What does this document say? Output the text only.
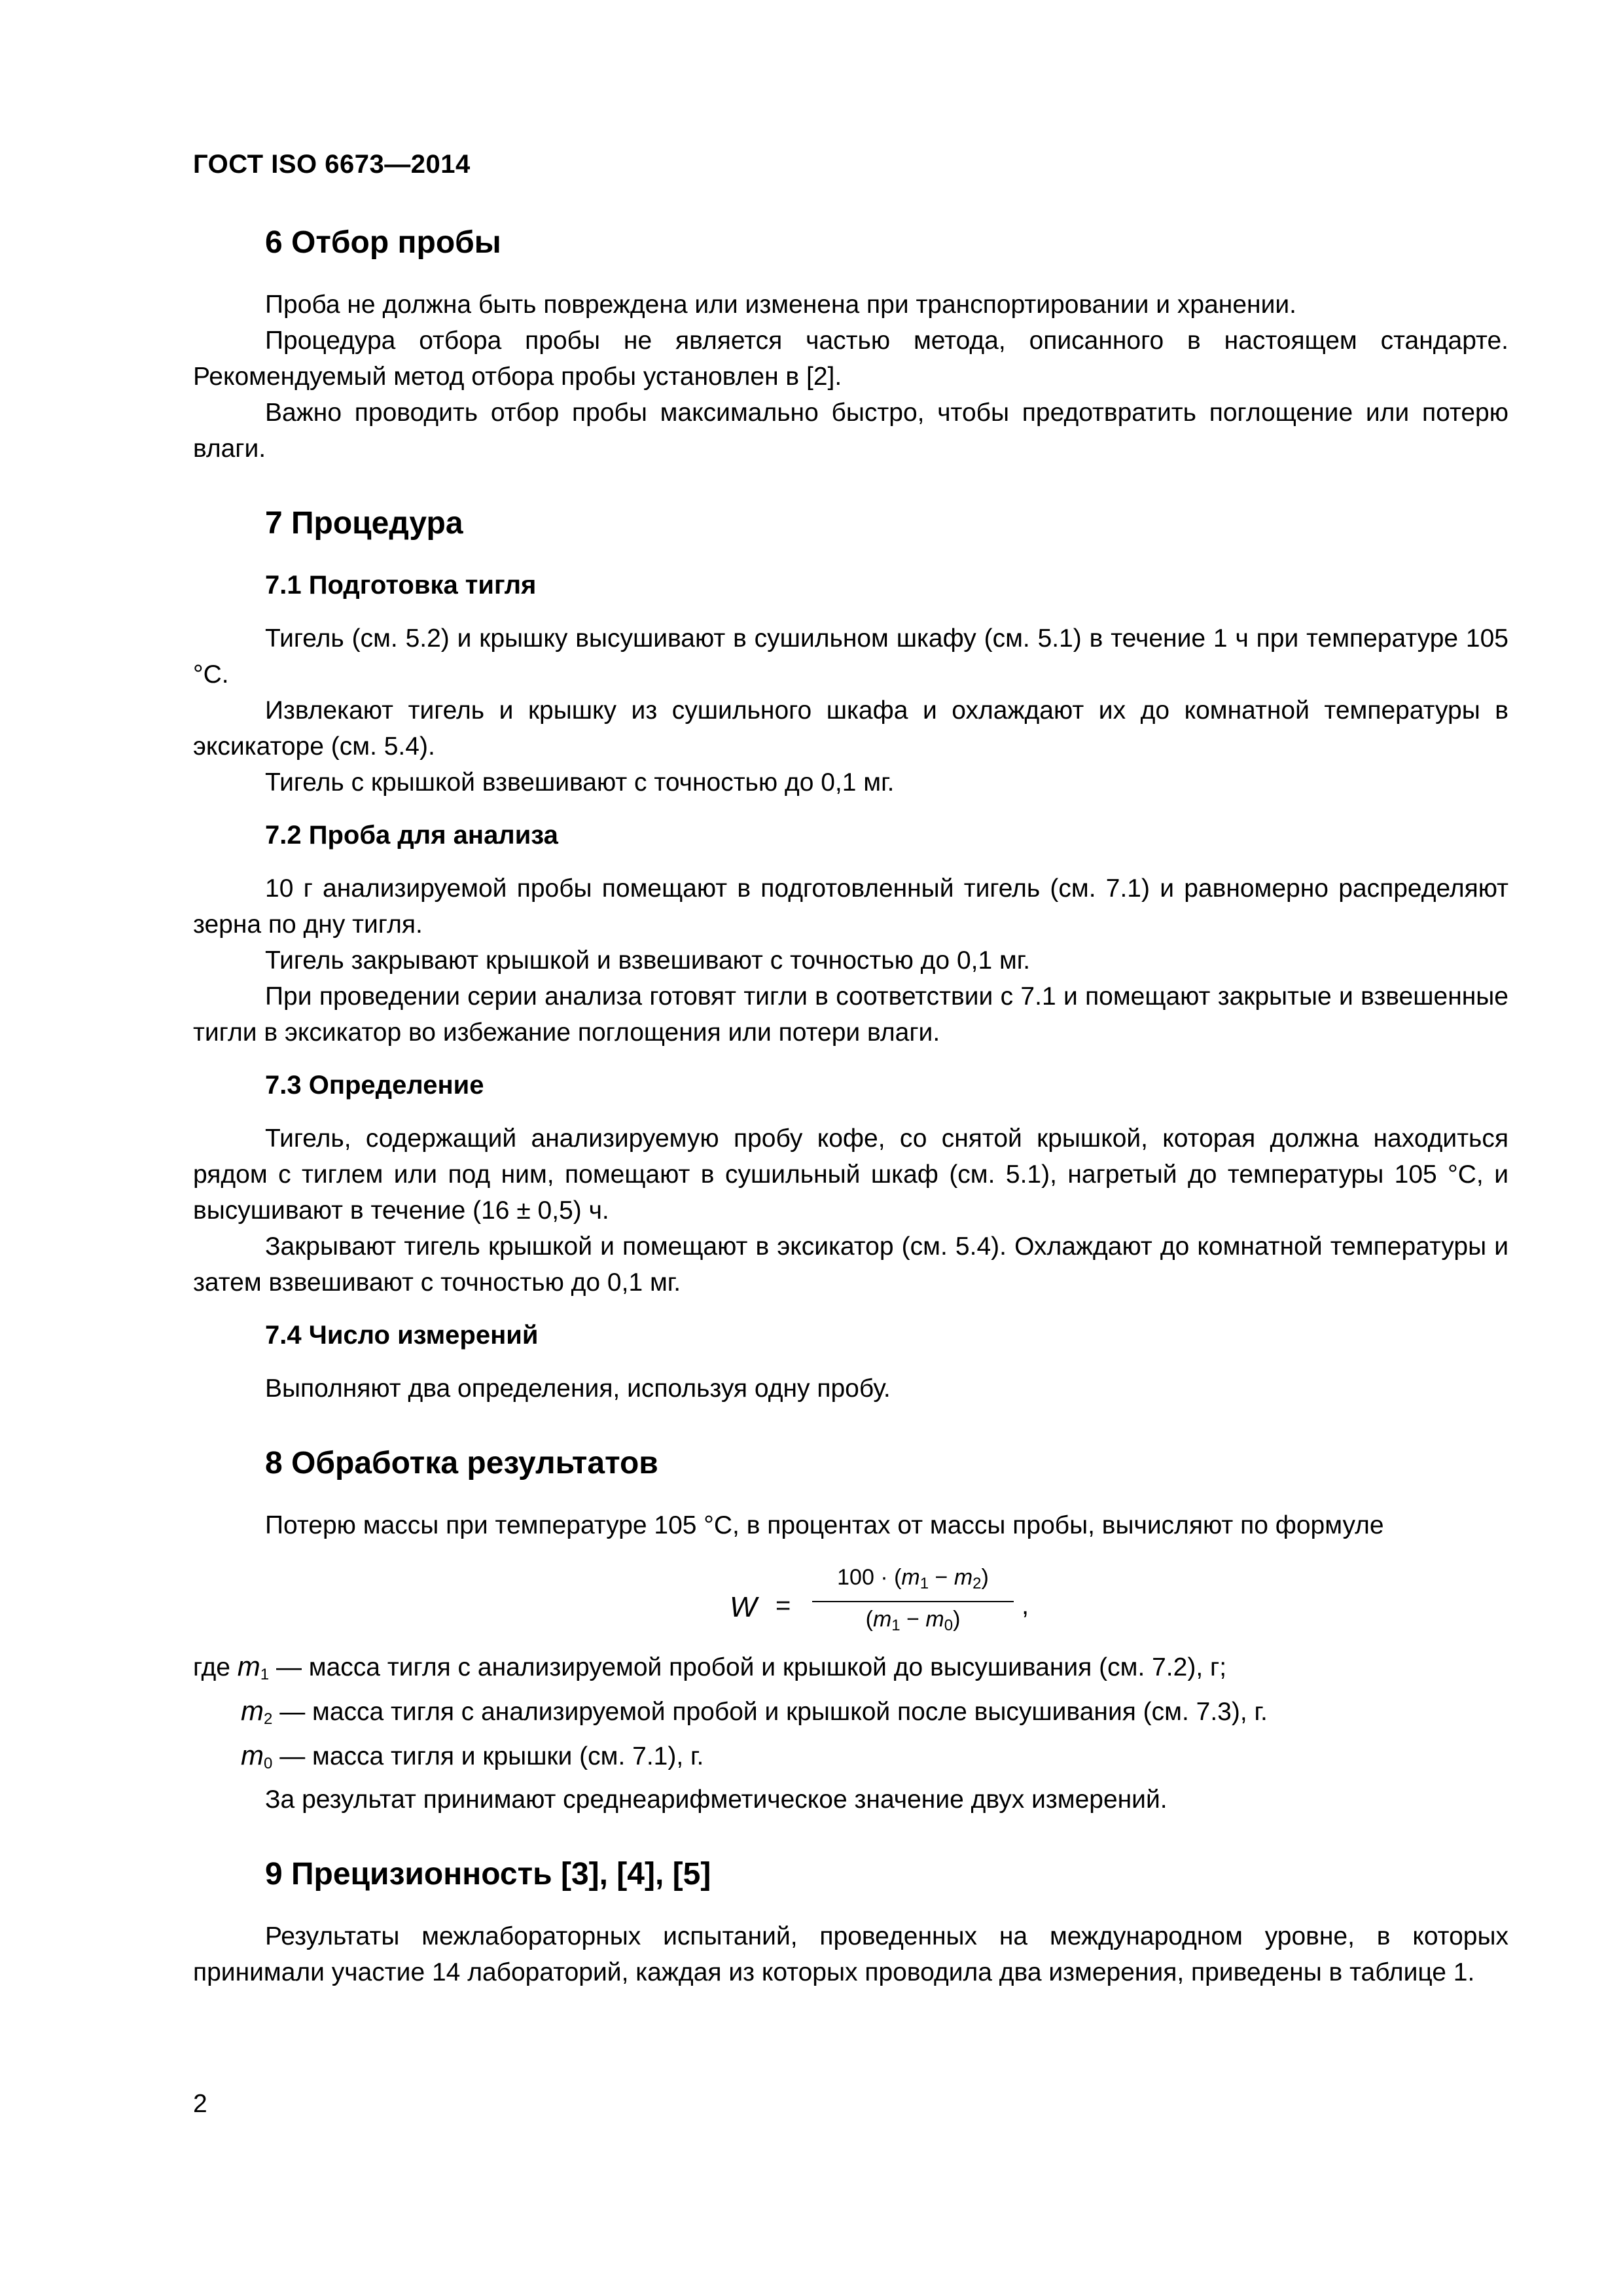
ГОСТ ISO 6673—2014
6 Отбор пробы

Проба не должна быть повреждена или изменена при транспортировании и хранении.

Процедура отбора пробы не является частью метода, описанного в настоящем стандарте. Рекомендуемый метод отбора пробы установлен в [2].

Важно проводить отбор пробы максимально быстро, чтобы предотвратить поглощение или потерю влаги.

7 Процедура
7.1 Подготовка тигля

Тигель (см. 5.2) и крышку высушивают в сушильном шкафу (см. 5.1) в течение 1 ч при температуре 105 °С.

Извлекают тигель и крышку из сушильного шкафа и охлаждают их до комнатной температуры в эксикаторе (см. 5.4).

Тигель с крышкой взвешивают с точностью до 0,1 мг.

7.2 Проба для анализа

10 г анализируемой пробы помещают в подготовленный тигель (см. 7.1) и равномерно распределяют зерна по дну тигля.

Тигель закрывают крышкой и взвешивают с точностью до 0,1 мг.

При проведении серии анализа готовят тигли в соответствии с 7.1 и помещают закрытые и взвешенные тигли в эксикатор во избежание поглощения или потери влаги.

7.3 Определение

Тигель, содержащий анализируемую пробу кофе, со снятой крышкой, которая должна находиться рядом с тиглем или под ним, помещают в сушильный шкаф (см. 5.1), нагретый до температуры 105 °С, и высушивают в течение (16 ± 0,5) ч.

Закрывают тигель крышкой и помещают в эксикатор (см. 5.4). Охлаждают до комнатной температуры и затем взвешивают с точностью до 0,1 мг.

7.4 Число измерений

Выполняют два определения, используя одну пробу.

8 Обработка результатов

Потерю массы при температуре 105 °С, в процентах от массы пробы, вычисляют по формуле

W =
$100 \cdot (m_1 - m_2)$
$(m_1 - m_0)$	,

где $m_1$ — масса тигля с анализируемой пробой и крышкой до высушивания (см. 7.2), г;

$m_2$ — масса тигля с анализируемой пробой и крышкой после высушивания (см. 7.3), г.

$m_0$ — масса тигля и крышки (см. 7.1), г.

За результат принимают среднеарифметическое значение двух измерений.

9 Прецизионность [3], [4], [5]

Результаты межлабораторных испытаний, проведенных на международном уровне, в которых принимали участие 14 лабораторий, каждая из которых проводила два измерения, приведены в таблице 1.

2
